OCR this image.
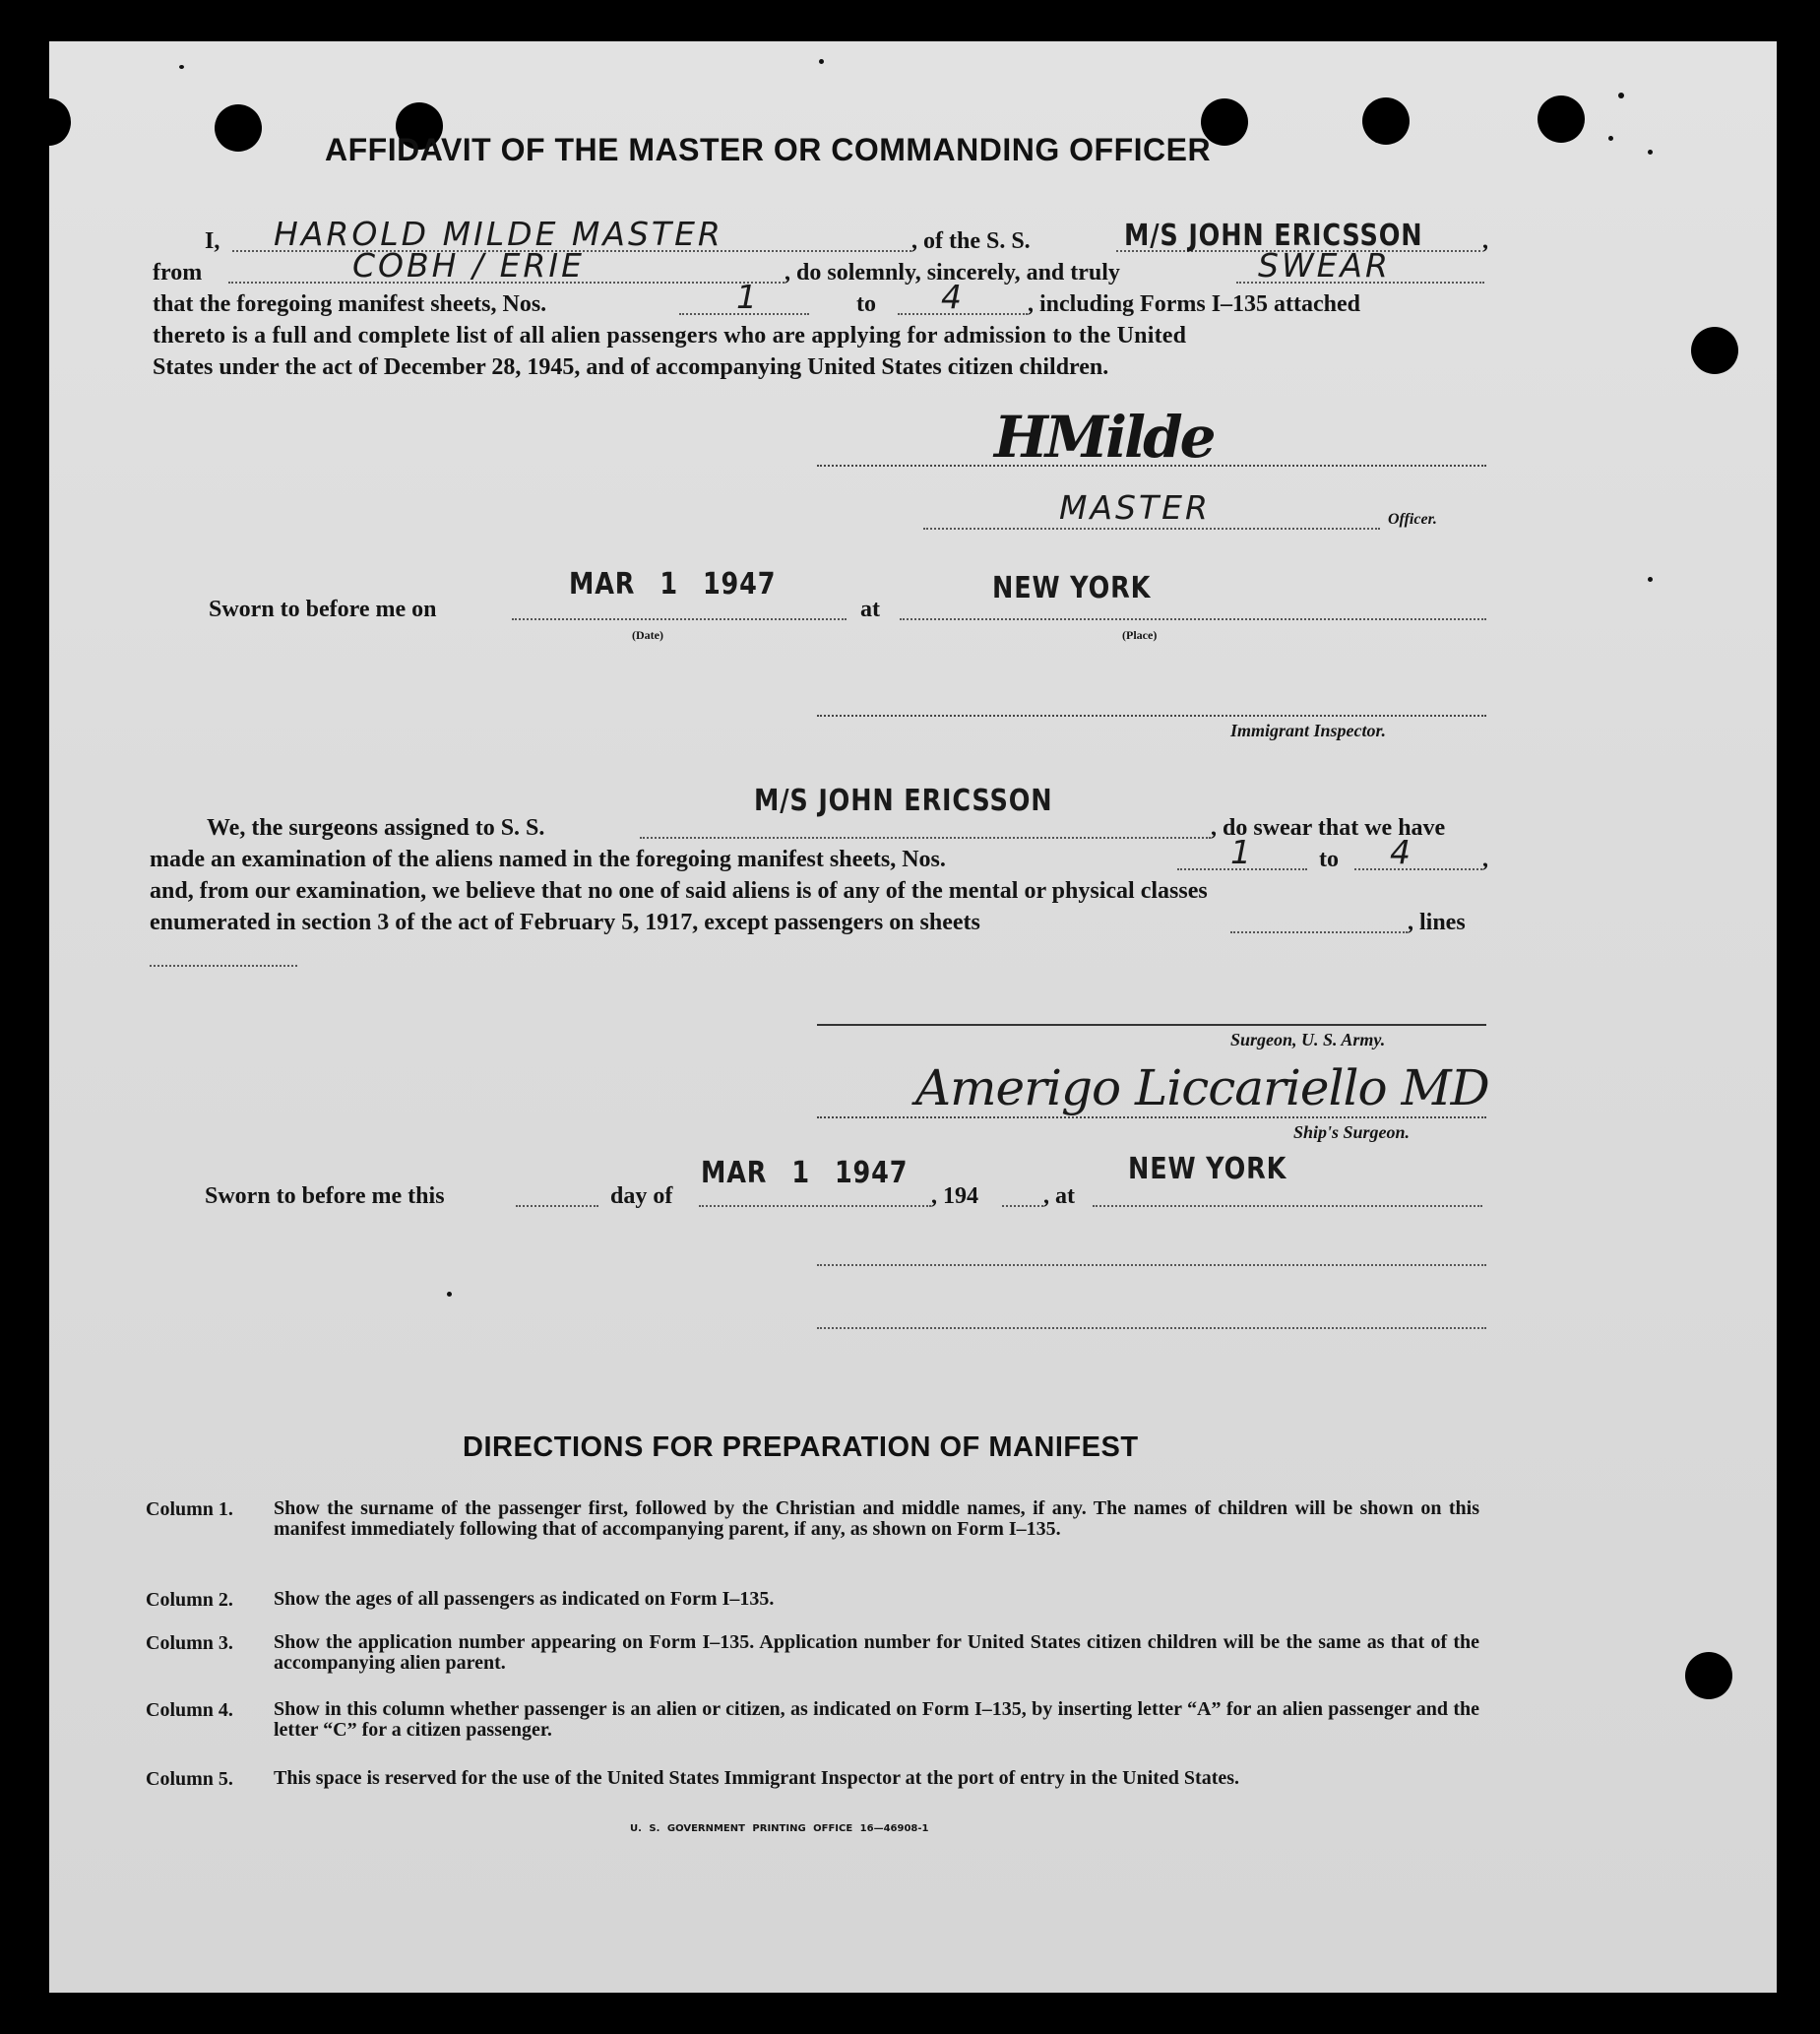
AFFIDAVIT OF THE MASTER OR COMMANDING OFFICER
I, HAROLD MILDE MASTER	, of the S. S.	M/S JOHN ERICSSON	,
from	COBH / ERIE	, do solemnly, sincerely, and truly	SWEAR
that the foregoing manifest sheets, Nos.	1	to 4	, including Forms I–135 attached
thereto is a full and complete list of all alien passengers who are applying for admission to the United
States under the act of December 28, 1945, and of accompanying United States citizen children.
HMilde
MASTER	Officer.
Sworn to before me on
MAR 1 1947
(Date)
at
NEW YORK
(Place)
Immigrant Inspector.
M/S JOHN ERICSSON
We, the surgeons assigned to S. S.	, do swear that we have
made an examination of the aliens named in the foregoing manifest sheets, Nos.	1	to 4	,
and, from our examination, we believe that no one of said aliens is of any of the mental or physical classes
enumerated in section 3 of the act of February 5, 1917, except passengers on sheets	, lines
Surgeon, U. S. Army.
Amerigo Liccariello MD
Ship's Surgeon.
Sworn to before me this	day of
MAR 1 1947
, 194	, at
NEW YORK
DIRECTIONS FOR PREPARATION OF MANIFEST
Column 1. Show the surname of the passenger first, followed by the Christian and middle names, if any. The names of children will be shown on this manifest immediately following that of accompanying parent, if any, as shown on Form I–135.
Column 2. Show the ages of all passengers as indicated on Form I–135.
Column 3. Show the application number appearing on Form I–135. Application number for United States citizen children will be the same as that of the accompanying alien parent.
Column 4. Show in this column whether passenger is an alien or citizen, as indicated on Form I–135, by inserting letter “A” for an alien passenger and the letter “C” for a citizen passenger.
Column 5. This space is reserved for the use of the United States Immigrant Inspector at the port of entry in the United States.
U. S. GOVERNMENT PRINTING OFFICE 16—46908-1
